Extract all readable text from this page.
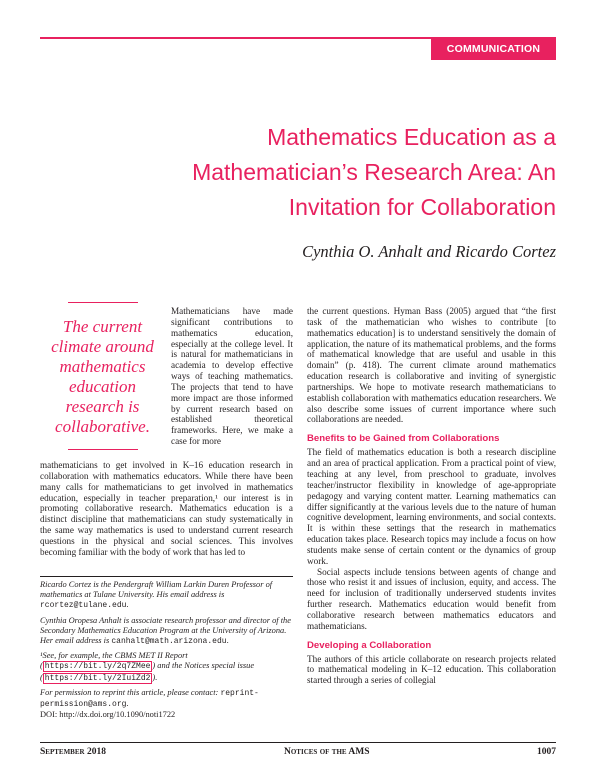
COMMUNICATION
Mathematics Education as a Mathematician’s Research Area: An Invitation for Collaboration

Cynthia O. Anhalt and Ricardo Cortez

The current climate around mathematics education research is collaborative.

Mathematicians have made significant contributions to mathematics education, especially at the college level. It is natural for mathematicians in academia to develop effective ways of teaching mathematics. The projects that tend to have more impact are those informed by current research based on established theoretical frameworks. Here, we make a case for more

mathematicians to get involved in K–16 education research in collaboration with mathematics educators. While there have been many calls for mathematicians to get involved in mathematics education, especially in teacher preparation,¹ our interest is in promoting collaborative research. Mathematics education is a distinct discipline that mathematicians can study systematically in the same way mathematics is used to understand current research questions in the physical and social sciences. This involves becoming familiar with the body of work that has led to

the current questions. Hyman Bass (2005) argued that “the first task of the mathematician who wishes to contribute [to mathematics education] is to understand sensitively the domain of application, the nature of its mathematical problems, and the forms of mathematical knowledge that are useful and usable in this domain” (p. 418). The current climate around mathematics education research is collaborative and inviting of synergistic partnerships. We hope to motivate research mathematicians to establish collaboration with mathematics education researchers. We also describe some issues of current importance where such collaborations are needed.

Benefits to be Gained from Collaborations

The field of mathematics education is both a research discipline and an area of practical application. From a practical point of view, teaching at any level, from preschool to graduate, involves teacher/instructor flexibility in knowledge of age-appropriate pedagogy and varying content matter. Learning mathematics can differ significantly at the various levels due to the nature of human cognitive development, learning environments, and social contexts. It is within these settings that the research in mathematics education takes place. Research topics may include a focus on how students make sense of certain content or the dynamics of group work.

Social aspects include tensions between agents of change and those who resist it and issues of inclusion, equity, and access. The need for inclusion of traditionally underserved students invites further research. Mathematics education would benefit from collaborative research between mathematics educators and mathematicians.

Developing a Collaboration

The authors of this article collaborate on research projects related to mathematical modeling in K–12 education. This collaboration started through a series of collegial

Ricardo Cortez is the Pendergraft William Larkin Duren Professor of mathematics at Tulane University. His email address is rcortez@tulane.edu.

Cynthia Oropesa Anhalt is associate research professor and director of the Secondary Mathematics Education Program at the University of Arizona. Her email address is canhalt@math.arizona.edu.

¹See, for example, the CBMS MET II Report ( https://bit.ly/2q7ZMee ) and the Notices special issue ( https://bit.ly/2IuiZd2 ).

For permission to reprint this article, please contact: reprint-permission@ams.org.
DOI: http://dx.doi.org/10.1090/noti1722

September 2018	Notices of the AMS	1007
